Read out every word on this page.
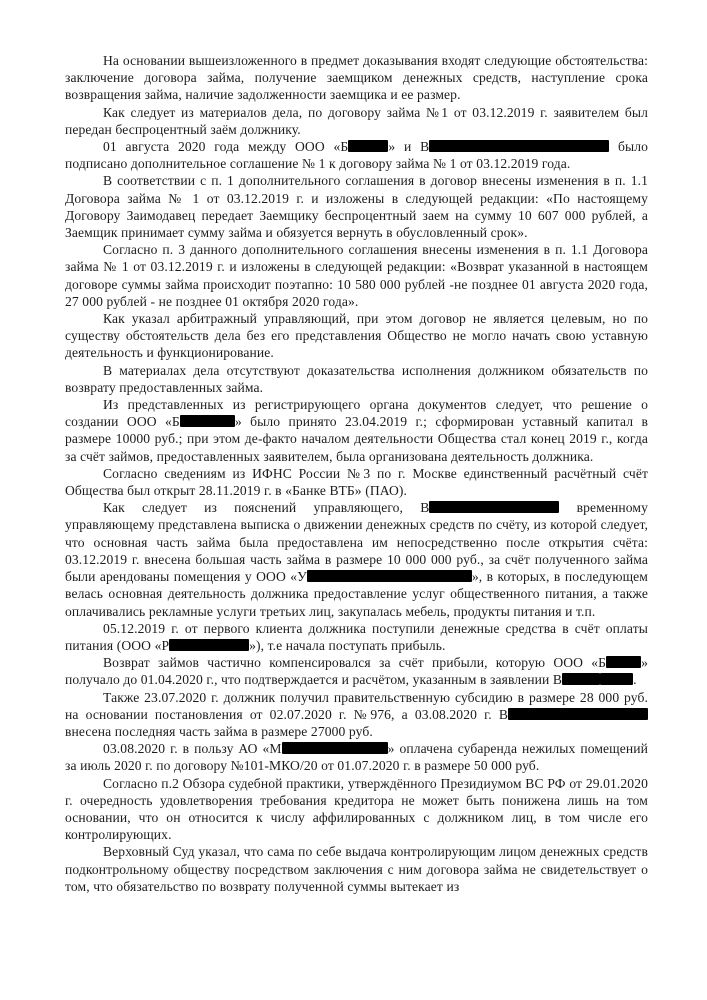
На основании вышеизложенного в предмет доказывания входят следующие обстоятельства: заключение договора займа, получение заемщиком денежных средств, наступление срока возвращения займа, наличие задолженности заемщика и ее размер.

Как следует из материалов дела, по договору займа №1 от 03.12.2019 г. заявителем был передан беспроцентный заём должнику.

01 августа 2020 года между ООО «Б	» и В	было подписано дополнительное соглашение № 1 к договору займа № 1 от 03.12.2019 года.

В соответствии с п. 1 дополнительного соглашения в договор внесены изменения в п. 1.1 Договора займа № 1 от 03.12.2019 г. и изложены в следующей редакции: «По настоящему Договору Заимодавец передает Заемщику беспроцентный заем на сумму 10 607 000 рублей, а Заемщик принимает сумму займа и обязуется вернуть в обусловленный срок».

Согласно п. 3 данного дополнительного соглашения внесены изменения в п. 1.1 Договора займа № 1 от 03.12.2019 г. и изложены в следующей редакции: «Возврат указанной в настоящем договоре суммы займа происходит поэтапно: 10 580 000 рублей -не позднее 01 августа 2020 года, 27 000 рублей - не позднее 01 октября 2020 года».

Как указал арбитражный управляющий, при этом договор не является целевым, но по существу обстоятельств дела без его представления Общество не могло начать свою уставную деятельность и функционирование.

В материалах дела отсутствуют доказательства исполнения должником обязательств по возврату предоставленных займа.

Из представленных из регистрирующего органа документов следует, что решение о создании ООО «Б	» было принято 23.04.2019 г.; сформирован уставный капитал в размере 10000 руб.; при этом де-факто началом деятельности Общества стал конец 2019 г., когда за счёт займов, предоставленных заявителем, была организована деятельность должника.

Согласно сведениям из ИФНС России №3 по г. Москве единственный расчётный счёт Общества был открыт 28.11.2019 г. в «Банке ВТБ» (ПАО).

Как следует из пояснений управляющего, В	временному управляющему представлена выписка о движении денежных средств по счёту, из которой следует, что основная часть займа была предоставлена им непосредственно после открытия счёта: 03.12.2019 г. внесена большая часть займа в размере 10 000 000 руб., за счёт полученного займа были арендованы помещения у ООО «У	», в которых, в последующем велась основная деятельность должника предоставление услуг общественного питания, а также оплачивались рекламные услуги третьих лиц, закупалась мебель, продукты питания и т.п.

05.12.2019 г. от первого клиента должника поступили денежные средства в счёт оплаты питания (ООО «Р	»), т.е начала поступать прибыль.

Возврат займов частично компенсировался за счёт прибыли, которую ООО «Б	» получало до 01.04.2020 г., что подтверждается и расчётом, указанным в заявлении В	.

Также 23.07.2020 г. должник получил правительственную субсидию в размере 28 000 руб. на основании постановления от 02.07.2020 г. №976, а 03.08.2020 г. В внесена последняя часть займа в размере 27000 руб.

03.08.2020 г. в пользу АО «М	» оплачена субаренда нежилых помещений за июль 2020 г. по договору №101-МКО/20 от 01.07.2020 г. в размере 50 000 руб.

Согласно п.2 Обзора судебной практики, утверждённого Президиумом ВС РФ от 29.01.2020 г. очередность удовлетворения требования кредитора не может быть понижена лишь на том основании, что он относится к числу аффилированных с должником лиц, в том числе его контролирующих.

Верховный Суд указал, что сама по себе выдача контролирующим лицом денежных средств подконтрольному обществу посредством заключения с ним договора займа не свидетельствует о том, что обязательство по возврату полученной суммы вытекает из
